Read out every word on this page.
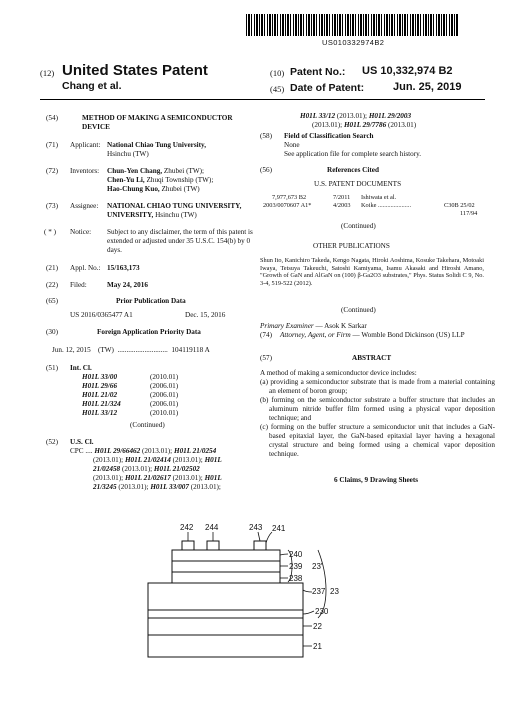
US010332974B2
(12) United States Patent
Chang et al.
(10) Patent No.: US 10,332,974 B2
(45) Date of Patent:	Jun. 25, 2019
(54)	METHOD OF MAKING A SEMICONDUCTOR DEVICE
(71) Applicant: National Chiao Tung University,
Hsinchu (TW)
(72) Inventors: Chun-Yen Chang, Zhubei (TW);
Chen-Yu Li, Zhuqi Township (TW);
Hao-Chung Kuo, Zhubei (TW)
(73) Assignee: NATIONAL CHIAO TUNG UNIVERSITY,
UNIVERSITY, Hsinchu (TW)
( * ) Notice: Subject to any disclaimer, the term of this patent is extended or adjusted under 35 U.S.C. 154(b) by 0 days.
(21) Appl. No.: 15/163,173
(22) Filed:	May 24, 2016
(65)	Prior Publication Data
US 2016/0365477 A1	Dec. 15, 2016
(30)	Foreign Application Priority Data
Jun. 12, 2015 (TW) ............................ 104119118 A
(51) Int. Cl.
H01L 33/00	(2010.01)
H01L 29/66	(2006.01)
H01L 21/02	(2006.01)
H01L 21/324	(2006.01)
H01L 33/12	(2010.01)
(Continued)
(52) U.S. Cl.
CPC .... H01L 29/66462 (2013.01); H01L 21/0254
(2013.01); H01L 21/02414 (2013.01); H01L
21/02458 (2013.01); H01L 21/02502
(2013.01); H01L 21/02617 (2013.01); H01L
21/3245 (2013.01); H01L 33/007 (2013.01);
H01L 33/12 (2013.01); H01L 29/2003
(2013.01); H01L 29/7786 (2013.01)
(58) Field of Classification Search
None
See application file for complete search history.
(56)	References Cited
U.S. PATENT DOCUMENTS
7,977,673 B2	7/2011 Ishiwata et al.
2003/0070607 A1*	4/2003 Koike .....................	C30B 25/02
117/94
(Continued)
OTHER PUBLICATIONS
Shun Ito, Kanichiro Takeda, Kengo Nagata, Hiroki Aoshima, Kosuke Takehara, Motoaki Iwaya, Tetsuya Takeuchi, Satoshi Kamiyama, Isamu Akasaki and Hiroshi Amano, "Growth of GaN and AlGaN on (100) β-Ga2O3 substrates," Phys. Status Solidi C 9, No. 3-4, 519-522 (2012).
(Continued)
Primary Examiner — Asok K Sarkar
(74) Attorney, Agent, or Firm — Womble Bond Dickinson (US) LLP
(57)	ABSTRACT
A method of making a semiconductor device includes:
(a) providing a semiconductor substrate that is made from a material containing an element of boron group;
(b) forming on the semiconductor substrate a buffer structure that includes an aluminum nitride buffer film formed using a physical vapor deposition technique; and
(c) forming on the buffer structure a semiconductor unit that includes a GaN-based epitaxial layer, the GaN-based epitaxial layer having a hexagonal crystal structure and being formed using a chemical vapor deposition technique.
6 Claims, 9 Drawing Sheets
242 244	243 241
240
239 23'
238
23
237
230
22
21
